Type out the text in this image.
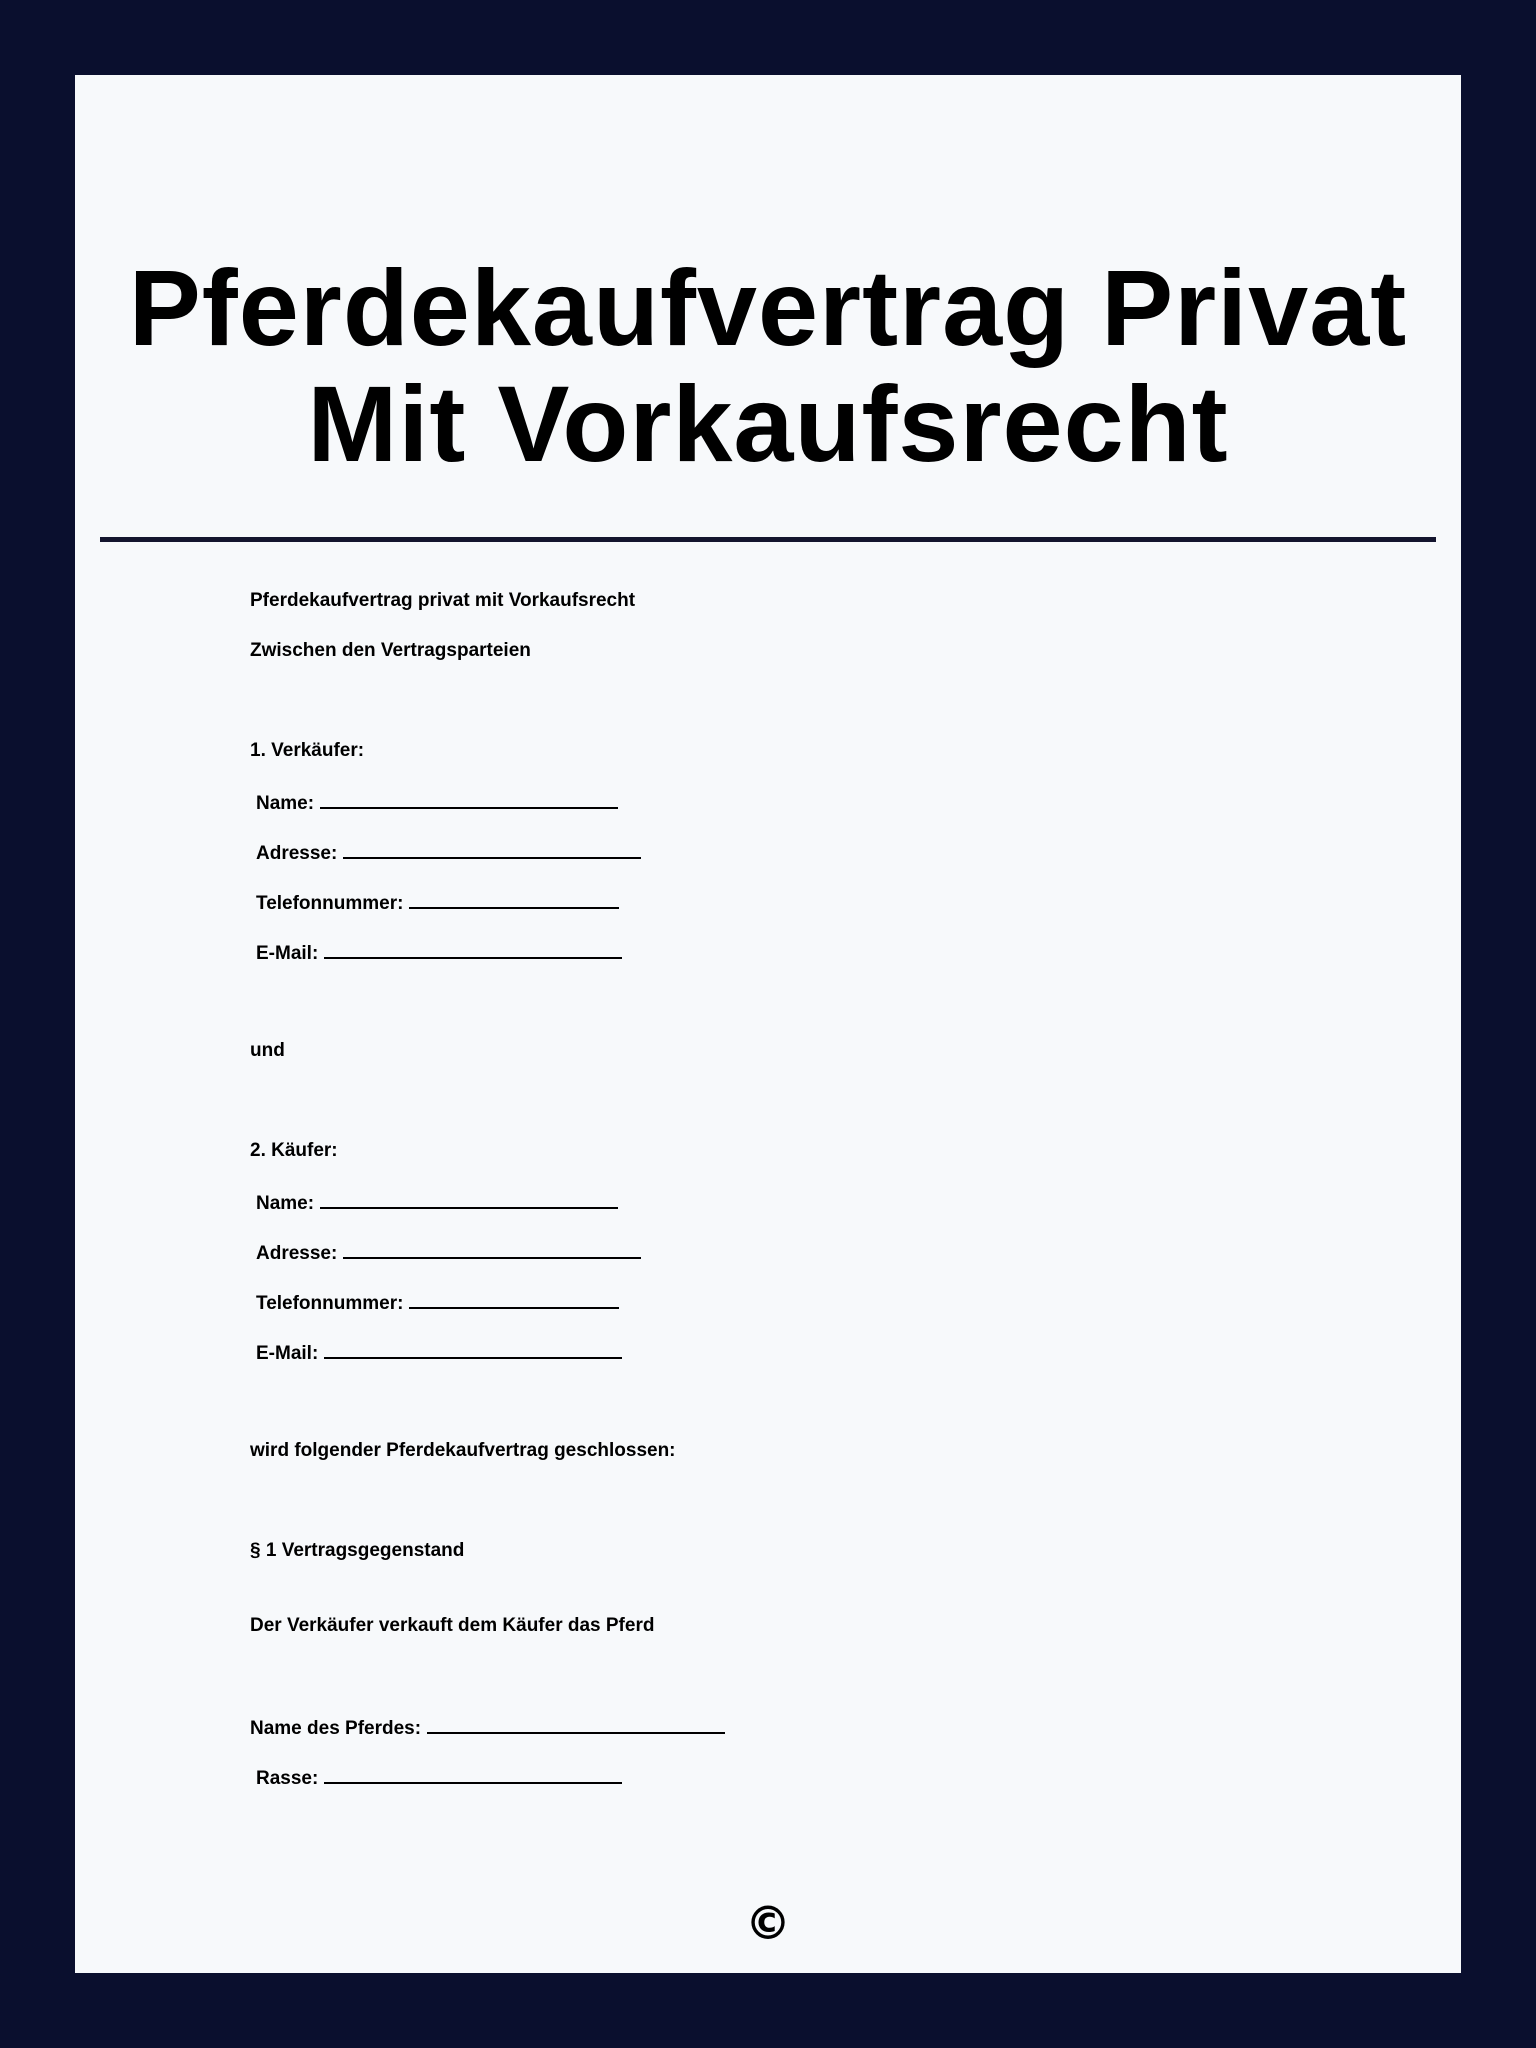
Pferdekaufvertrag Privat Mit Vorkaufsrecht
Pferdekaufvertrag privat mit Vorkaufsrecht
Zwischen den Vertragsparteien
1. Verkäufer:
Name:
Adresse:
Telefonnummer:
E-Mail:
und
2. Käufer:
Name:
Adresse:
Telefonnummer:
E-Mail:
wird folgender Pferdekaufvertrag geschlossen:
§ 1 Vertragsgegenstand
Der Verkäufer verkauft dem Käufer das Pferd
Name des Pferdes:
Rasse:
©
